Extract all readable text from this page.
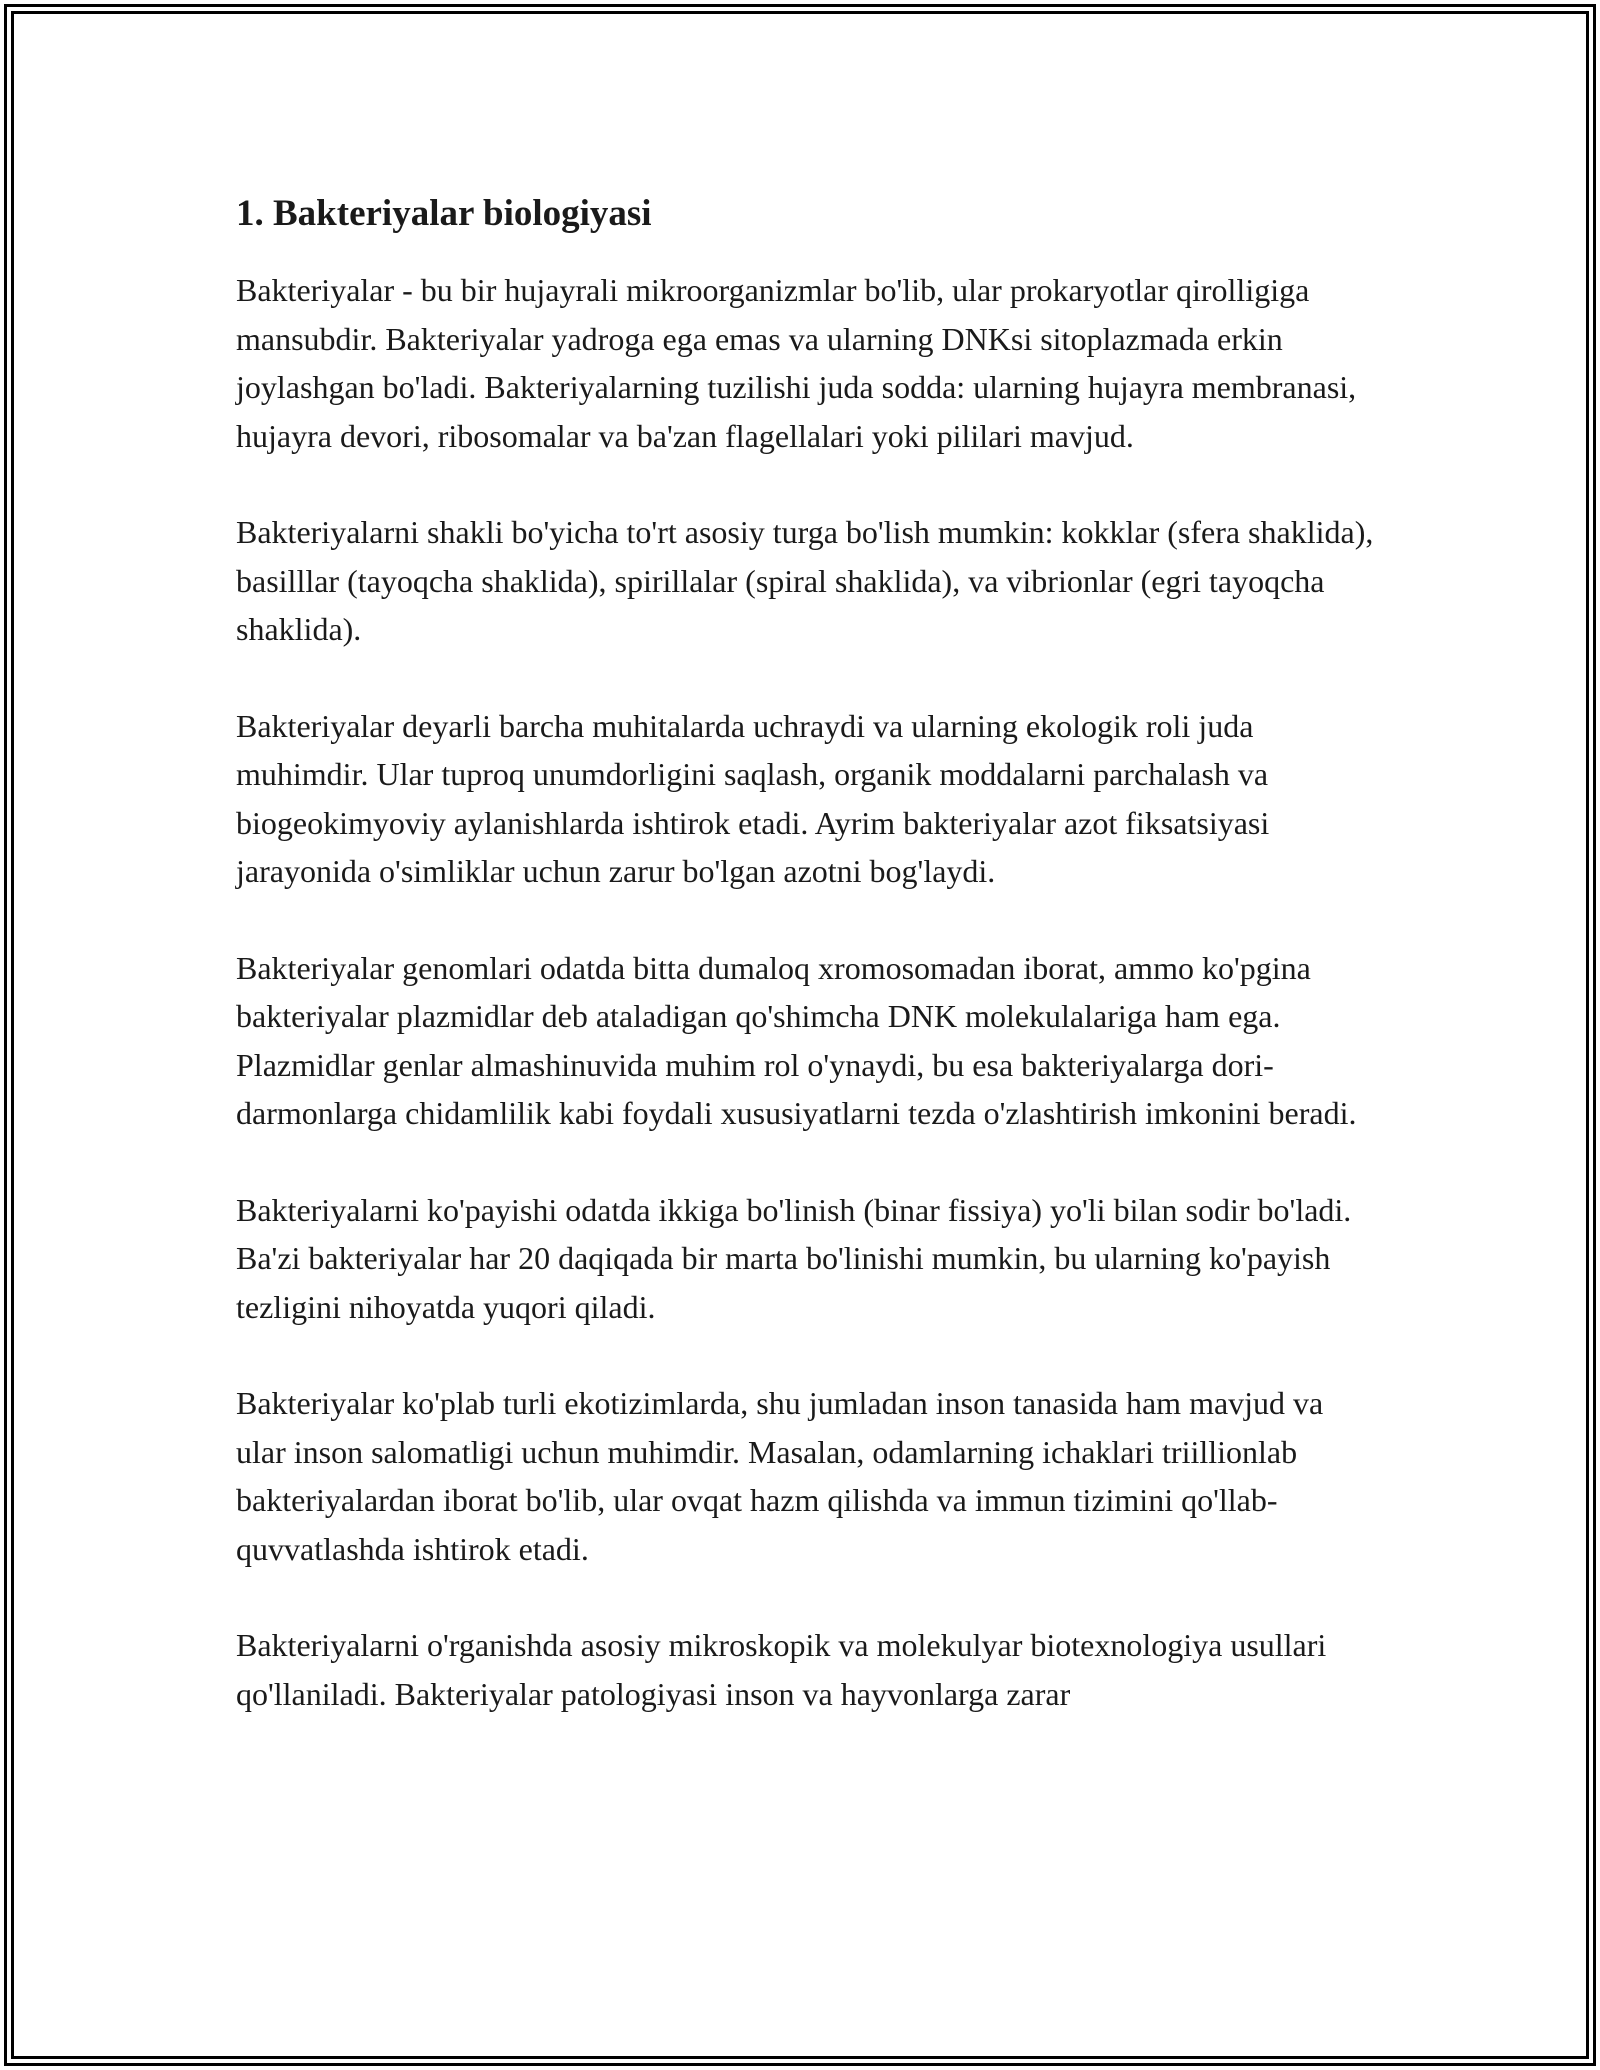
1. Bakteriyalar biologiyasi

Bakteriyalar - bu bir hujayrali mikroorganizmlar bo'lib, ular prokaryotlar qirolligiga mansubdir. Bakteriyalar yadroga ega emas va ularning DNKsi sitoplazmada erkin joylashgan bo'ladi. Bakteriyalarning tuzilishi juda sodda: ularning hujayra membranasi, hujayra devori, ribosomalar va ba'zan flagellalari yoki pililari mavjud.

Bakteriyalarni shakli bo'yicha to'rt asosiy turga bo'lish mumkin: kokklar (sfera shaklida), basilllar (tayoqcha shaklida), spirillalar (spiral shaklida), va vibrionlar (egri tayoqcha shaklida).

Bakteriyalar deyarli barcha muhitalarda uchraydi va ularning ekologik roli juda muhimdir. Ular tuproq unumdorligini saqlash, organik moddalarni parchalash va biogeokimyoviy aylanishlarda ishtirok etadi. Ayrim bakteriyalar azot fiksatsiyasi jarayonida o'simliklar uchun zarur bo'lgan azotni bog'laydi.

Bakteriyalar genomlari odatda bitta dumaloq xromosomadan iborat, ammo ko'pgina bakteriyalar plazmidlar deb ataladigan qo'shimcha DNK molekulalariga ham ega. Plazmidlar genlar almashinuvida muhim rol o'ynaydi, bu esa bakteriyalarga dori-darmonlarga chidamlilik kabi foydali xususiyatlarni tezda o'zlashtirish imkonini beradi.

Bakteriyalarni ko'payishi odatda ikkiga bo'linish (binar fissiya) yo'li bilan sodir bo'ladi. Ba'zi bakteriyalar har 20 daqiqada bir marta bo'linishi mumkin, bu ularning ko'payish tezligini nihoyatda yuqori qiladi.

Bakteriyalar ko'plab turli ekotizimlarda, shu jumladan inson tanasida ham mavjud va ular inson salomatligi uchun muhimdir. Masalan, odamlarning ichaklari triillionlab bakteriyalardan iborat bo'lib, ular ovqat hazm qilishda va immun tizimini qo'llab-quvvatlashda ishtirok etadi.

Bakteriyalarni o'rganishda asosiy mikroskopik va molekulyar biotexnologiya usullari qo'llaniladi. Bakteriyalar patologiyasi inson va hayvonlarga zarar
